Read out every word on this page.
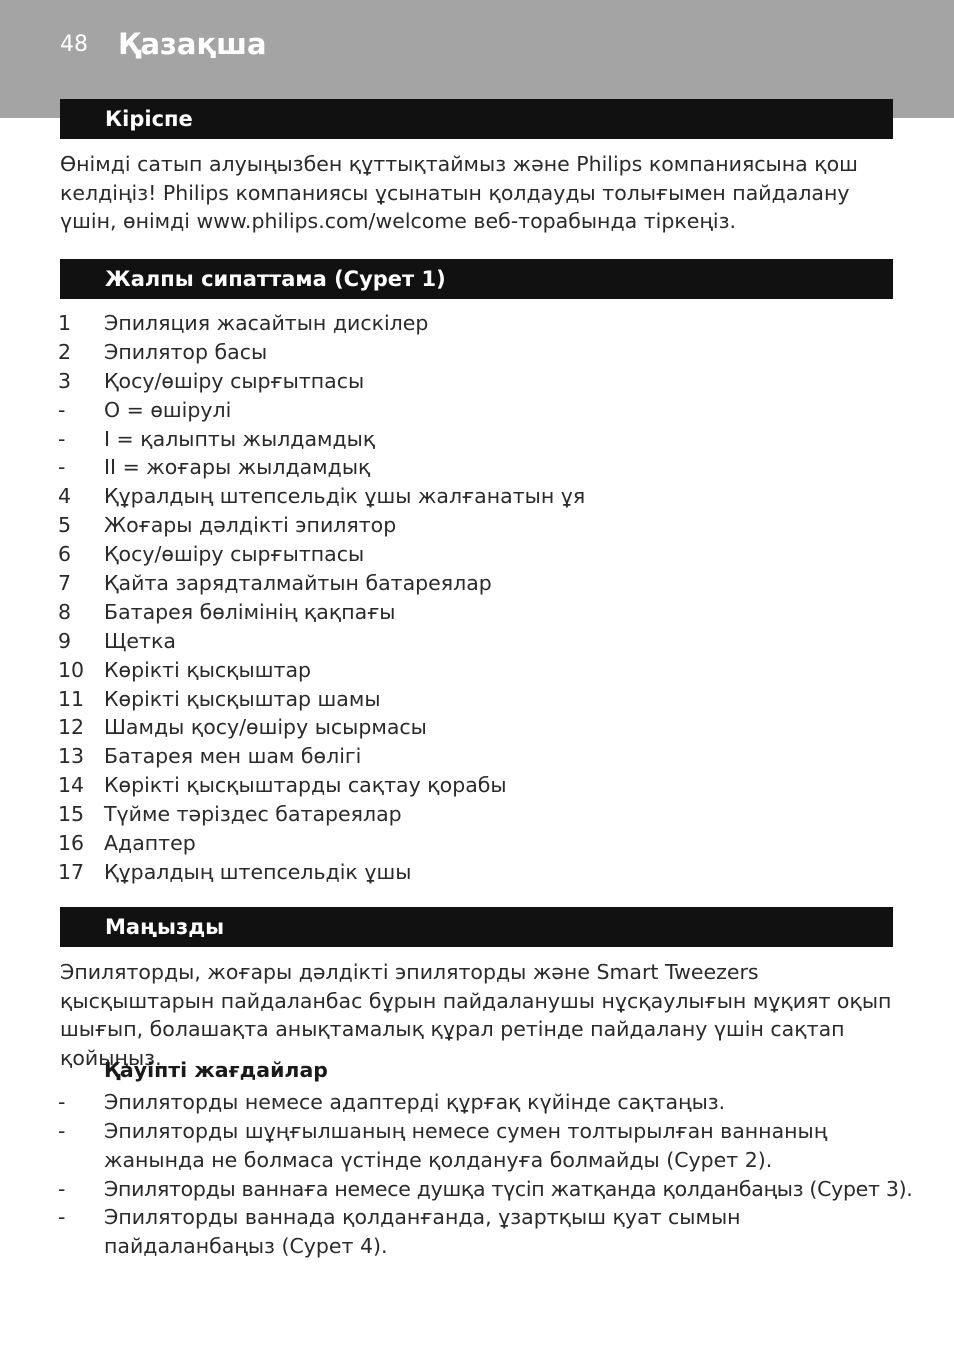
48 Қазақша
Кіріспе

Өнімді сатып алуыңызбен құттықтаймыз және Philips компаниясына қош келдіңіз! Philips компаниясы ұсынатын қолдауды толығымен пайдалану үшін, өнімді www.philips.com/welcome веб-торабында тіркеңіз.

Жалпы сипаттама (Сурет 1)
1 Эпиляция жасайтын дискілер
2 Эпилятор басы
3 Қосу/өшіру сырғытпасы
- O = өшірулі
- I = қалыпты жылдамдық
- II = жоғары жылдамдық
4 Құралдың штепсельдік ұшы жалғанатын ұя
5 Жоғары дәлдікті эпилятор
6 Қосу/өшіру сырғытпасы
7 Қайта зарядталмайтын батареялар
8 Батарея бөлімінің қақпағы
9 Щетка
10 Көрікті қысқыштар
11 Көрікті қысқыштар шамы
12 Шамды қосу/өшіру ысырмасы
13 Батарея мен шам бөлігі
14 Көрікті қысқыштарды сақтау қорабы
15 Түйме тәріздес батареялар
16 Адаптер
17 Құралдың штепсельдік ұшы
Маңызды

Эпиляторды, жоғары дәлдікті эпиляторды және Smart Tweezers қысқыштарын пайдаланбас бұрын пайдаланушы нұсқаулығын мұқият оқып шығып, болашақта анықтамалық құрал ретінде пайдалану үшін сақтап қойыңыз.

Қауіпті жағдайлар
- Эпиляторды немесе адаптерді құрғақ күйінде сақтаңыз.
- Эпиляторды шұңғылшаның немесе сумен толтырылған ваннаның жанында не болмаса үстінде қолдануға болмайды (Сурет 2).
- Эпиляторды ваннаға немесе душқа түсіп жатқанда қолданбаңыз (Сурет 3).
- Эпиляторды ваннада қолданғанда, ұзартқыш қуат сымын пайдаланбаңыз (Сурет 4).
